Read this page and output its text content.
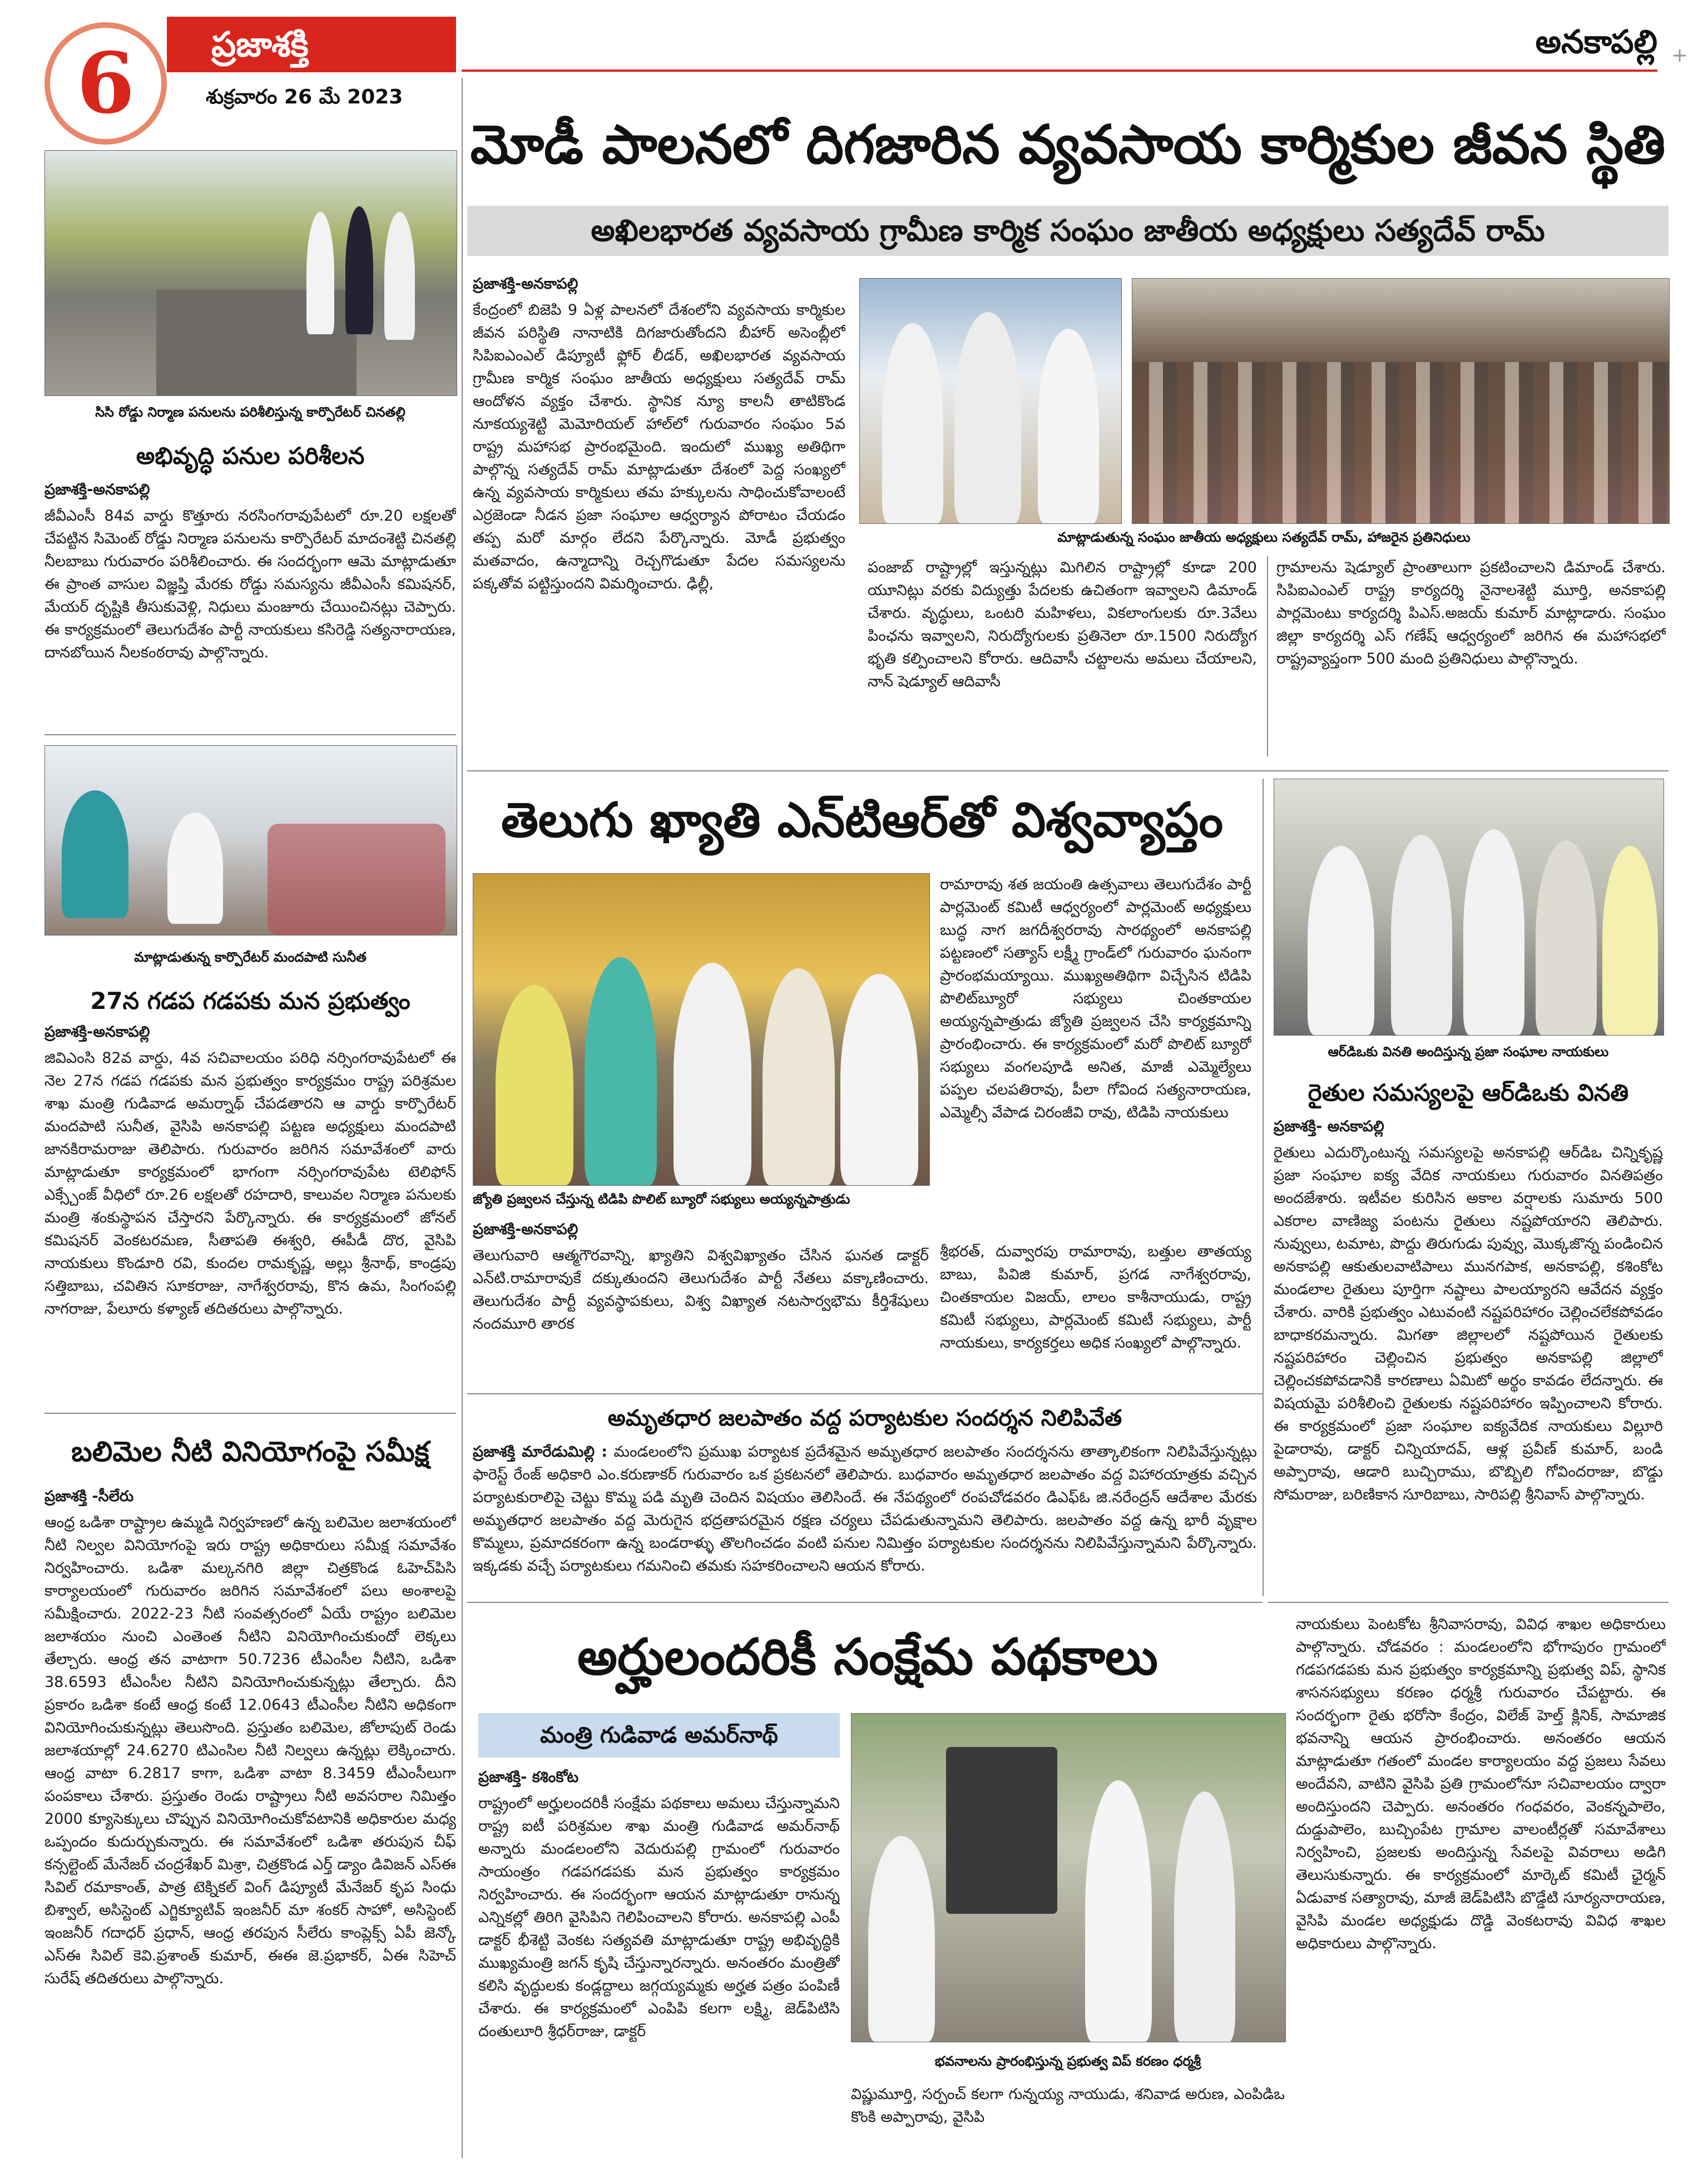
6	ప్రజాశక్తి
శుక్రవారం 26 మే 2023
అనకాపల్లి +
మోడీ పాలనలో దిగజారిన వ్యవసాయ కార్మికుల జీవన స్థితి
అఖిలభారత వ్యవసాయ గ్రామీణ కార్మిక సంఘం జాతీయ అధ్యక్షులు సత్యదేవ్ రామ్

ప్రజాశక్తి-అనకాపల్లి

కేంద్రంలో బిజెపి 9 ఏళ్ల పాలనలో దేశంలోని వ్యవసాయ కార్మికుల జీవన పరిస్థితి నానాటికి దిగజారుతోందని బీహార్ అసెంబ్లీలో సిపిఐఎంఎల్ డిప్యూటీ ఫ్లోర్ లీడర్, అఖిలభారత వ్యవసాయ గ్రామీణ కార్మిక సంఘం జాతీయ అధ్యక్షులు సత్యదేవ్ రామ్ ఆందోళన వ్యక్తం చేశారు. స్థానిక న్యూ కాలనీ తాటికొండ నూకయ్యశెట్టి మెమోరియల్ హాల్‌లో గురువారం సంఘం 5వ రాష్ట్ర మహాసభ ప్రారంభమైంది. ఇందులో ముఖ్య అతిథిగా పాల్గొన్న సత్యదేవ్ రామ్ మాట్లాడుతూ దేశంలో పెద్ద సంఖ్యలో ఉన్న వ్యవసాయ కార్మికులు తమ హక్కులను సాధించుకోవాలంటే ఎర్రజెండా నీడన ప్రజా సంఘాల ఆధ్వర్యాన పోరాటం చేయడం తప్ప మరో మార్గం లేదని పేర్కొన్నారు. మోడీ ప్రభుత్వం మతవాదం, ఉన్మాదాన్ని రెచ్చగొడుతూ పేదల సమస్యలను పక్కతోవ పట్టిస్తుందని విమర్శించారు. ఢిల్లీ,

మాట్లాడుతున్న సంఘం జాతీయ అధ్యక్షులు సత్యదేవ్ రామ్, హాజరైన ప్రతినిధులు
పంజాబ్ రాష్ట్రాల్లో ఇస్తున్నట్లు మిగిలిన రాష్ట్రాల్లో కూడా 200 యూనిట్లు వరకు విద్యుత్తు పేదలకు ఉచితంగా ఇవ్వాలని డిమాండ్ చేశారు. వృద్ధులు, ఒంటరి మహిళలు, వికలాంగులకు రూ.3వేలు పింఛను ఇవ్వాలని, నిరుద్యోగులకు ప్రతినెలా రూ.1500 నిరుద్యోగ భృతి కల్పించాలని కోరారు. ఆదివాసీ చట్టాలను అమలు చేయాలని, నాన్ షెడ్యూల్ ఆదివాసీ
గ్రామాలను షెడ్యూల్ ప్రాంతాలుగా ప్రకటించాలని డిమాండ్ చేశారు. సిపిఐఎంఎల్ రాష్ట్ర కార్యదర్శి నైనాలశెట్టి మూర్తి, అనకాపల్లి పార్లమెంటు కార్యదర్శి పిఎస్.అజయ్ కుమార్ మాట్లాడారు. సంఘం జిల్లా కార్యదర్శి ఎస్ గణేష్ ఆధ్వర్యంలో జరిగిన ఈ మహాసభలో రాష్ట్రవ్యాప్తంగా 500 మంది ప్రతినిధులు పాల్గొన్నారు.
సిసి రోడ్డు నిర్మాణ పనులను పరిశీలిస్తున్న కార్పొరేటర్ చినతల్లి
అభివృద్ధి పనుల పరిశీలన

ప్రజాశక్తి-అనకాపల్లి

జీవీఎంసీ 84వ వార్డు కొత్తూరు నరసింగరావుపేటలో రూ.20 లక్షలతో చేపట్టిన సిమెంట్ రోడ్డు నిర్మాణ పనులను కార్పొరేటర్ మాదంశెట్టి చినతల్లి నీలబాబు గురువారం పరిశీలించారు. ఈ సందర్భంగా ఆమె మాట్లాడుతూ ఈ ప్రాంత వాసుల విజ్ఞప్తి మేరకు రోడ్డు సమస్యను జీవీఎంసీ కమిషనర్, మేయర్ దృష్టికి తీసుకువెళ్లి, నిధులు మంజూరు చేయించినట్లు చెప్పారు. ఈ కార్యక్రమంలో తెలుగుదేశం పార్టీ నాయకులు కసిరెడ్డి సత్యనారాయణ, దానబోయిన నీలకంఠరావు పాల్గొన్నారు.

మాట్లాడుతున్న కార్పొరేటర్ మందపాటి సునీత
27న గడప గడపకు మన ప్రభుత్వం

ప్రజాశక్తి-అనకాపల్లి

జివిఎంసి 82వ వార్డు, 4వ సచివాలయం పరిధి నర్సింగరావుపేటలో ఈ నెల 27న గడప గడపకు మన ప్రభుత్వం కార్యక్రమం రాష్ట్ర పరిశ్రమల శాఖ మంత్రి గుడివాడ అమర్నాథ్ చేపడతారని ఆ వార్డు కార్పొరేటర్ మందపాటి సునీత, వైసిపి అనకాపల్లి పట్టణ అధ్యక్షులు మందపాటి జానకిరామరాజు తెలిపారు. గురువారం జరిగిన సమావేశంలో వారు మాట్లాడుతూ కార్యక్రమంలో భాగంగా నర్సింగరావుపేట టెలిఫోన్ ఎక్స్చేంజ్ వీధిలో రూ.26 లక్షలతో రహదారి, కాలువల నిర్మాణ పనులకు మంత్రి శంకుస్థాపన చేస్తారని పేర్కొన్నారు. ఈ కార్యక్రమంలో జోనల్ కమిషనర్ వెంకటరమణ, సీతాపతి ఈశ్వరి, ఈపీడీ దొర, వైసిపి నాయకులు కొండూరి రవి, కుందల రామకృష్ణ, అల్లు శ్రీనాథ్, కాండ్రపు సత్తిబాబు, చవితిన సూకరాజు, నాగేశ్వరరావు, కొన ఉమ, సింగంపల్లి నాగరాజు, పేలూరు కళ్యాణ్ తదితరులు పాల్గొన్నారు.

బలిమెల నీటి వినియోగంపై సమీక్ష

ప్రజాశక్తి -సీలేరు

ఆంధ్ర ఒడిశా రాష్ట్రాల ఉమ్మడి నిర్వహణలో ఉన్న బలిమెల జలాశయంలో నీటి నిల్వల వినియోగంపై ఇరు రాష్ట్ర అధికారులు సమీక్ష సమావేశం నిర్వహించారు. ఒడిశా మల్కనగిరి జిల్లా చిత్రకొండ ఓహెచ్‌పిసి కార్యాలయంలో గురువారం జరిగిన సమావేశంలో పలు అంశాలపై సమీక్షించారు. 2022-23 నీటి సంవత్సరంలో ఏయే రాష్ట్రం బలిమెల జలాశయం నుంచి ఎంతెంత నీటిని వినియోగించుకుందో లెక్కలు తేల్చారు. ఆంధ్ర తన వాటాగా 50.7236 టీఎంసీల నీటిని, ఒడిశా 38.6593 టీఎంసీల నీటిని వినియోగించుకున్నట్లు తేల్చారు. దీని ప్రకారం ఒడిశా కంటే ఆంధ్ర కంటే 12.0643 టీఎంసీల నీటిని అధికంగా వినియోగించుకున్నట్లు తెలుసొంది. ప్రస్తుతం బలిమెల, జోలాపుట్ రెండు జలాశయాల్లో 24.6270 టిఎంసిల నీటి నిల్వలు ఉన్నట్లు లెక్కించారు. ఆంధ్ర వాటా 6.2817 కాగా, ఒడిశా వాటా 8.3459 టీఎంసీలుగా పంపకాలు చేశారు. ప్రస్తుతం రెండు రాష్ట్రాలు నీటి అవసరాల నిమిత్తం 2000 క్యూసెక్కులు చొప్పున వినియోగించుకోవటానికి అధికారుల మధ్య ఒప్పందం కుదుర్చుకున్నారు. ఈ సమావేశంలో ఒడిశా తరుపున చీఫ్ కన్సల్టెంట్ మేనేజర్ చంద్రశేఖర్ మిశ్రా, చిత్రకొండ ఎర్త్ డ్యాం డివిజన్ ఎస్ఈ సివిల్ రమాకాంత్, పాత్ర టెక్నికల్ వింగ్ డిప్యూటీ మేనేజర్ కృప సింధు బిశ్వాల్, అసిస్టెంట్ ఎగ్జిక్యూటివ్ ఇంజనీర్ మా శంకర్ సాహో, అసిస్టెంట్ ఇంజనీర్ గదాధర్ ప్రధాన్, ఆంధ్ర తరపున సీలేరు కాంప్లెక్స్ ఏపీ జెన్కో ఎస్ఈ సివిల్ కెవి.ప్రశాంత్ కుమార్, ఈఈ జె.ప్రభాకర్, ఏఈ సిహెచ్ సురేష్ తదితరులు పాల్గొన్నారు.

తెలుగు ఖ్యాతి ఎన్‌టిఆర్‌తో విశ్వవ్యాప్తం
జ్యోతి ప్రజ్వలన చేస్తున్న టిడిపి పొలిట్ బ్యూరో సభ్యులు అయ్యన్నపాత్రుడు

ప్రజాశక్తి-అనకాపల్లి

తెలుగువారి ఆత్మగౌరవాన్ని, ఖ్యాతిని విశ్వవిఖ్యాతం చేసిన ఘనత డాక్టర్ ఎన్‌టి.రామారావుకే దక్కుతుందని తెలుగుదేశం పార్టీ నేతలు వక్కాణించారు. తెలుగుదేశం పార్టీ వ్యవస్థాపకులు, విశ్వ విఖ్యాత నటసార్వభౌమ కీర్తిశేషులు నందమూరి తారక

రామారావు శత జయంతి ఉత్సవాలు తెలుగుదేశం పార్టీ పార్లమెంట్ కమిటీ ఆధ్వర్యంలో పార్లమెంట్ అధ్యక్షులు బుద్ధ నాగ జగదీశ్వరరావు సారథ్యంలో అనకాపల్లి పట్టణంలో సత్యాస్ లక్ష్మీ గ్రాండ్‌లో గురువారం ఘనంగా ప్రారంభమయ్యాయి. ముఖ్యఅతిథిగా విచ్చేసిన టిడిపి పొలిట్‌బ్యూరో సభ్యులు చింతకాయల అయ్యన్నపాత్రుడు జ్యోతి ప్రజ్వలన చేసి కార్యక్రమాన్ని ప్రారంభించారు. ఈ కార్యక్రమంలో మరో పొలిట్ బ్యూరో సభ్యులు వంగలపూడి అనిత, మాజీ ఎమ్మెల్యేలు పప్పల చలపతిరావు, పీలా గోవింద సత్యనారాయణ, ఎమ్మెల్సీ వేపాడ చిరంజీవి రావు, టిడిపి నాయకులు
శ్రీభరత్, దువ్వారపు రామారావు, బత్తుల తాతయ్య బాబు, పివిజి కుమార్, ప్రగడ నాగేశ్వరరావు, చింతకాయల విజయ్, లాలం కాశీనాయుడు, రాష్ట్ర కమిటీ సభ్యులు, పార్లమెంట్ కమిటీ సభ్యులు, పార్టీ నాయకులు, కార్యకర్తలు అధిక సంఖ్యలో పాల్గొన్నారు.
అమృతధార జలపాతం వద్ద పర్యాటకుల సందర్శన నిలిపివేత

ప్రజాశక్తి మారేడుమిల్లి : మండలంలోని ప్రముఖ పర్యాటక ప్రదేశమైన అమృతధార జలపాతం సందర్శనను తాత్కాలికంగా నిలిపివేస్తున్నట్లు ఫారెస్ట్ రేంజ్ అధికారి ఎం.కరుణాకర్ గురువారం ఒక ప్రకటనలో తెలిపారు. బుధవారం అమృతధార జలపాతం వద్ద విహారయాత్రకు వచ్చిన పర్యాటకురాలిపై చెట్టు కొమ్మ పడి మృతి చెందిన విషయం తెలిసిందే. ఈ నేపథ్యంలో రంపచోడవరం డిఎఫ్ఓ జి.నరేంద్రన్ ఆదేశాల మేరకు అమృతధార జలపాతం వద్ద మెరుగైన భద్రతాపరమైన రక్షణ చర్యలు చేపడుతున్నామని తెలిపారు. జలపాతం వద్ద ఉన్న భారీ వృక్షాల కొమ్మలు, ప్రమాదకరంగా ఉన్న బండరాళ్ళు తొలగించడం వంటి పనుల నిమిత్తం పర్యాటకుల సందర్శనను నిలిపివేస్తున్నామని పేర్కొన్నారు. ఇక్కడకు వచ్చే పర్యాటకులు గమనించి తమకు సహకరించాలని ఆయన కోరారు.

ఆర్‌డిఒకు వినతి అందిస్తున్న ప్రజా సంఘాల నాయకులు
రైతుల సమస్యలపై ఆర్‌డిఒకు వినతి

ప్రజాశక్తి- అనకాపల్లి

రైతులు ఎదుర్కొంటున్న సమస్యలపై అనకాపల్లి ఆర్‌డిఒ చిన్నికృష్ణ ప్రజా సంఘాల ఐక్య వేదిక నాయకులు గురువారం వినతిపత్రం అందజేశారు. ఇటీవల కురిసిన అకాల వర్షాలకు సుమారు 500 ఎకరాల వాణిజ్య పంటను రైతులు నష్టపోయారని తెలిపారు. నువ్వులు, టమాట, పొద్దు తిరుగుడు పువ్వు, మొక్కజొన్న పండించిన అనకాపల్లి ఆకుతులవాటిపాలు మునగపాక, అనకాపల్లి, కశింకోట మండలాల రైతులు పూర్తిగా నష్టాలు పాలయ్యారని ఆవేదన వ్యక్తం చేశారు. వారికి ప్రభుత్వం ఎటువంటి నష్టపరిహారం చెల్లించలేకపోవడం బాధాకరమన్నారు. మిగతా జిల్లాలలో నష్టపోయిన రైతులకు నష్టపరిహారం చెల్లించిన ప్రభుత్వం అనకాపల్లి జిల్లాలో చెల్లించకపోవడానికి కారణాలు ఏమిటో అర్థం కావడం లేదన్నారు. ఈ విషయమై పరిశీలించి రైతులకు నష్టపరిహారం ఇప్పించాలని కోరారు. ఈ కార్యక్రమంలో ప్రజా సంఘాల ఐక్యవేదిక నాయకులు విల్లూరి పైడారావు, డాక్టర్ చిన్నియాదవ్, ఆళ్ల ప్రవీణ్ కుమార్, బండి అప్పారావు, ఆడారి బుచ్చిరాము, బొబ్బిలి గోవిందరాజు, బొడ్డు సోమరాజు, బరిణికాన సూరిబాబు, సారిపల్లి శ్రీనివాస్ పాల్గొన్నారు.

అర్హులందరికీ సంక్షేమ పథకాలు
మంత్రి గుడివాడ అమర్‌నాథ్

ప్రజాశక్తి- కశింకోట

రాష్ట్రంలో అర్హులందరికీ సంక్షేమ పథకాలు అమలు చేస్తున్నామని రాష్ట్ర ఐటీ పరిశ్రమల శాఖ మంత్రి గుడివాడ అమర్‌నాథ్ అన్నారు మండలంలోని వెదురుపల్లి గ్రామంలో గురువారం సాయంత్రం గడపగడపకు మన ప్రభుత్వం కార్యక్రమం నిర్వహించారు. ఈ సందర్భంగా ఆయన మాట్లాడుతూ రానున్న ఎన్నికల్లో తిరిగి వైసిపిని గెలిపించాలని కోరారు. అనకాపల్లి ఎంపీ డాక్టర్ భీశెట్టి వెంకట సత్యవతి మాట్లాడుతూ రాష్ట్ర అభివృద్ధికి ముఖ్యమంత్రి జగన్ కృషి చేస్తున్నారన్నారు. అనంతరం మంత్రితో కలిసి వృద్ధులకు కండ్లద్దాలు జగ్గయ్యమ్మకు అర్హత పత్రం పంపిణీ చేశారు. ఈ కార్యక్రమంలో ఎంపిపి కలగా లక్ష్మి, జెడ్‌పిటిసి దంతులూరి శ్రీధర్‌రాజు, డాక్టర్

భవనాలను ప్రారంభిస్తున్న ప్రభుత్వ విప్ కరణం ధర్మశ్రీ
విష్ణుమూర్తి, సర్పంచ్ కలగా గున్నయ్య నాయుడు, శనివాడ అరుణ, ఎంపిడిఒ కొంకి అప్పారావు, వైసిపి
నాయకులు పెంటకోట శ్రీనివాసరావు, వివిధ శాఖల అధికారులు పాల్గొన్నారు. చోడవరం : మండలంలోని భోగాపురం గ్రామంలో గడపగడపకు మన ప్రభుత్వం కార్యక్రమాన్ని ప్రభుత్వ విప్, స్థానిక శాసనసభ్యులు కరణం ధర్మశ్రీ గురువారం చేపట్టారు. ఈ సందర్భంగా రైతు భరోసా కేంద్రం, విలేజ్ హెల్త్ క్లినిక్, సామాజిక భవనాన్ని ఆయన ప్రారంభించారు. అనంతరం ఆయన మాట్లాడుతూ గతంలో మండల కార్యాలయం వద్ద ప్రజలు సేవలు అందేవని, వాటిని వైసిపి ప్రతి గ్రామంలోనూ సచివాలయం ద్వారా అందిస్తుందని చెప్పారు. అనంతరం గంధవరం, వెంకన్నపాలెం, దుడ్డుపాలెం, బుచ్చింపేట గ్రామాల వాలంటీర్లతో సమావేశాలు నిర్వహించి, ప్రజలకు అందిస్తున్న సేవలపై వివరాలు అడిగి తెలుసుకున్నారు. ఈ కార్యక్రమంలో మార్కెట్ కమిటీ ఛైర్మన్ ఏడువాక సత్యారావు, మాజీ జెడ్‌పిటిసి బొడ్డేటి సూర్యనారాయణ, వైసిపి మండల అధ్యక్షుడు దొడ్డి వెంకటరావు వివిధ శాఖల అధికారులు పాల్గొన్నారు.
